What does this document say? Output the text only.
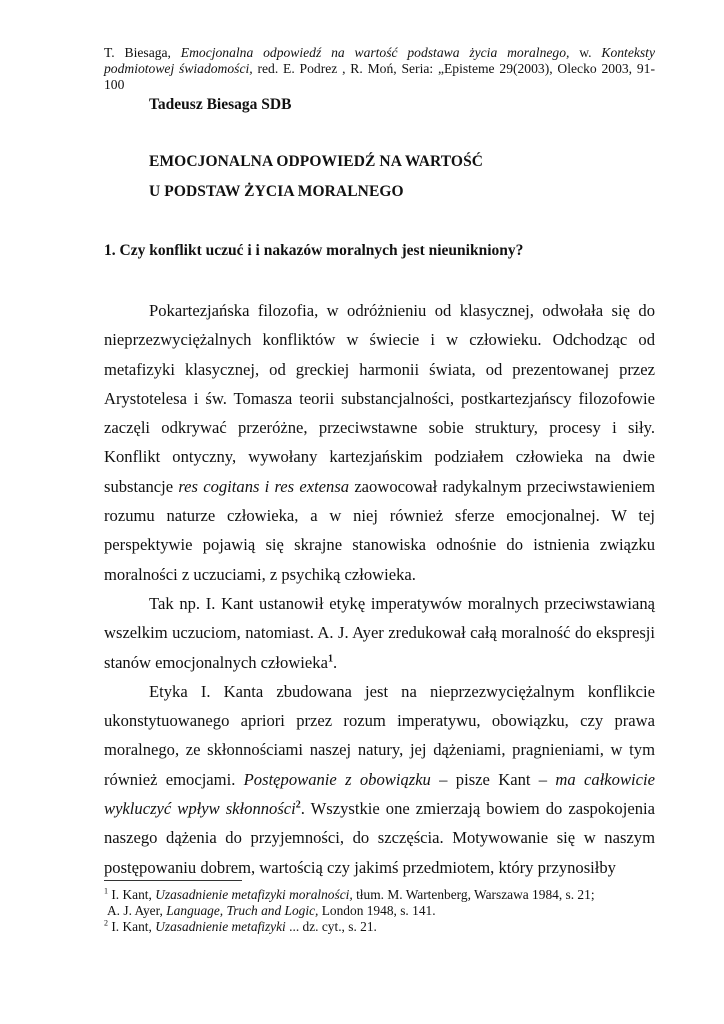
T. Biesaga, Emocjonalna odpowiedź na wartość podstawa życia moralnego, w. Konteksty podmiotowej świadomości, red. E. Podrez , R. Moń, Seria: „Episteme 29(2003), Olecko 2003, 91-100
Tadeusz Biesaga SDB
EMOCJONALNA ODPOWIEDŹ NA WARTOŚĆ
U PODSTAW ŻYCIA MORALNEGO
1. Czy konflikt uczuć i i nakazów moralnych jest nieunikniony?

Pokartezjańska filozofia, w odróżnieniu od klasycznej, odwołała się do nieprzezwyciężalnych konfliktów w świecie i w człowieku. Odchodząc od metafizyki klasycznej, od greckiej harmonii świata, od prezentowanej przez Arystotelesa i św. Tomasza teorii substancjalności, postkartezjańscy filozofowie zaczęli odkrywać przeróżne, przeciwstawne sobie struktury, procesy i siły. Konflikt ontyczny, wywołany kartezjańskim podziałem człowieka na dwie substancje res cogitans i res extensa zaowocował radykalnym przeciwstawieniem rozumu naturze człowieka, a w niej również sferze emocjonalnej. W tej perspektywie pojawią się skrajne stanowiska odnośnie do istnienia związku moralności z uczuciami, z psychiką człowieka.

Tak np. I. Kant ustanowił etykę imperatywów moralnych przeciwstawianą wszelkim uczuciom, natomiast. A. J. Ayer zredukował całą moralność do ekspresji stanów emocjonalnych człowieka$^1$.

Etyka I. Kanta zbudowana jest na nieprzezwyciężalnym konflikcie ukonstytuowanego apriori przez rozum imperatywu, obowiązku, czy prawa moralnego, ze skłonnościami naszej natury, jej dążeniami, pragnieniami, w tym również emocjami. Postępowanie z obowiązku – pisze Kant – ma całkowicie wykluczyć wpływ skłonności$^2$. Wszystkie one zmierzają bowiem do zaspokojenia naszego dążenia do przyjemności, do szczęścia. Motywowanie się w naszym postępowaniu dobrem, wartością czy jakimś przedmiotem, który przynosiłby

$^1$ I. Kant, Uzasadnienie metafizyki moralności, tłum. M. Wartenberg, Warszawa 1984, s. 21;
A. J. Ayer, Language, Truch and Logic, London 1948, s. 141.
$^2$ I. Kant, Uzasadnienie metafizyki ... dz. cyt., s. 21.
